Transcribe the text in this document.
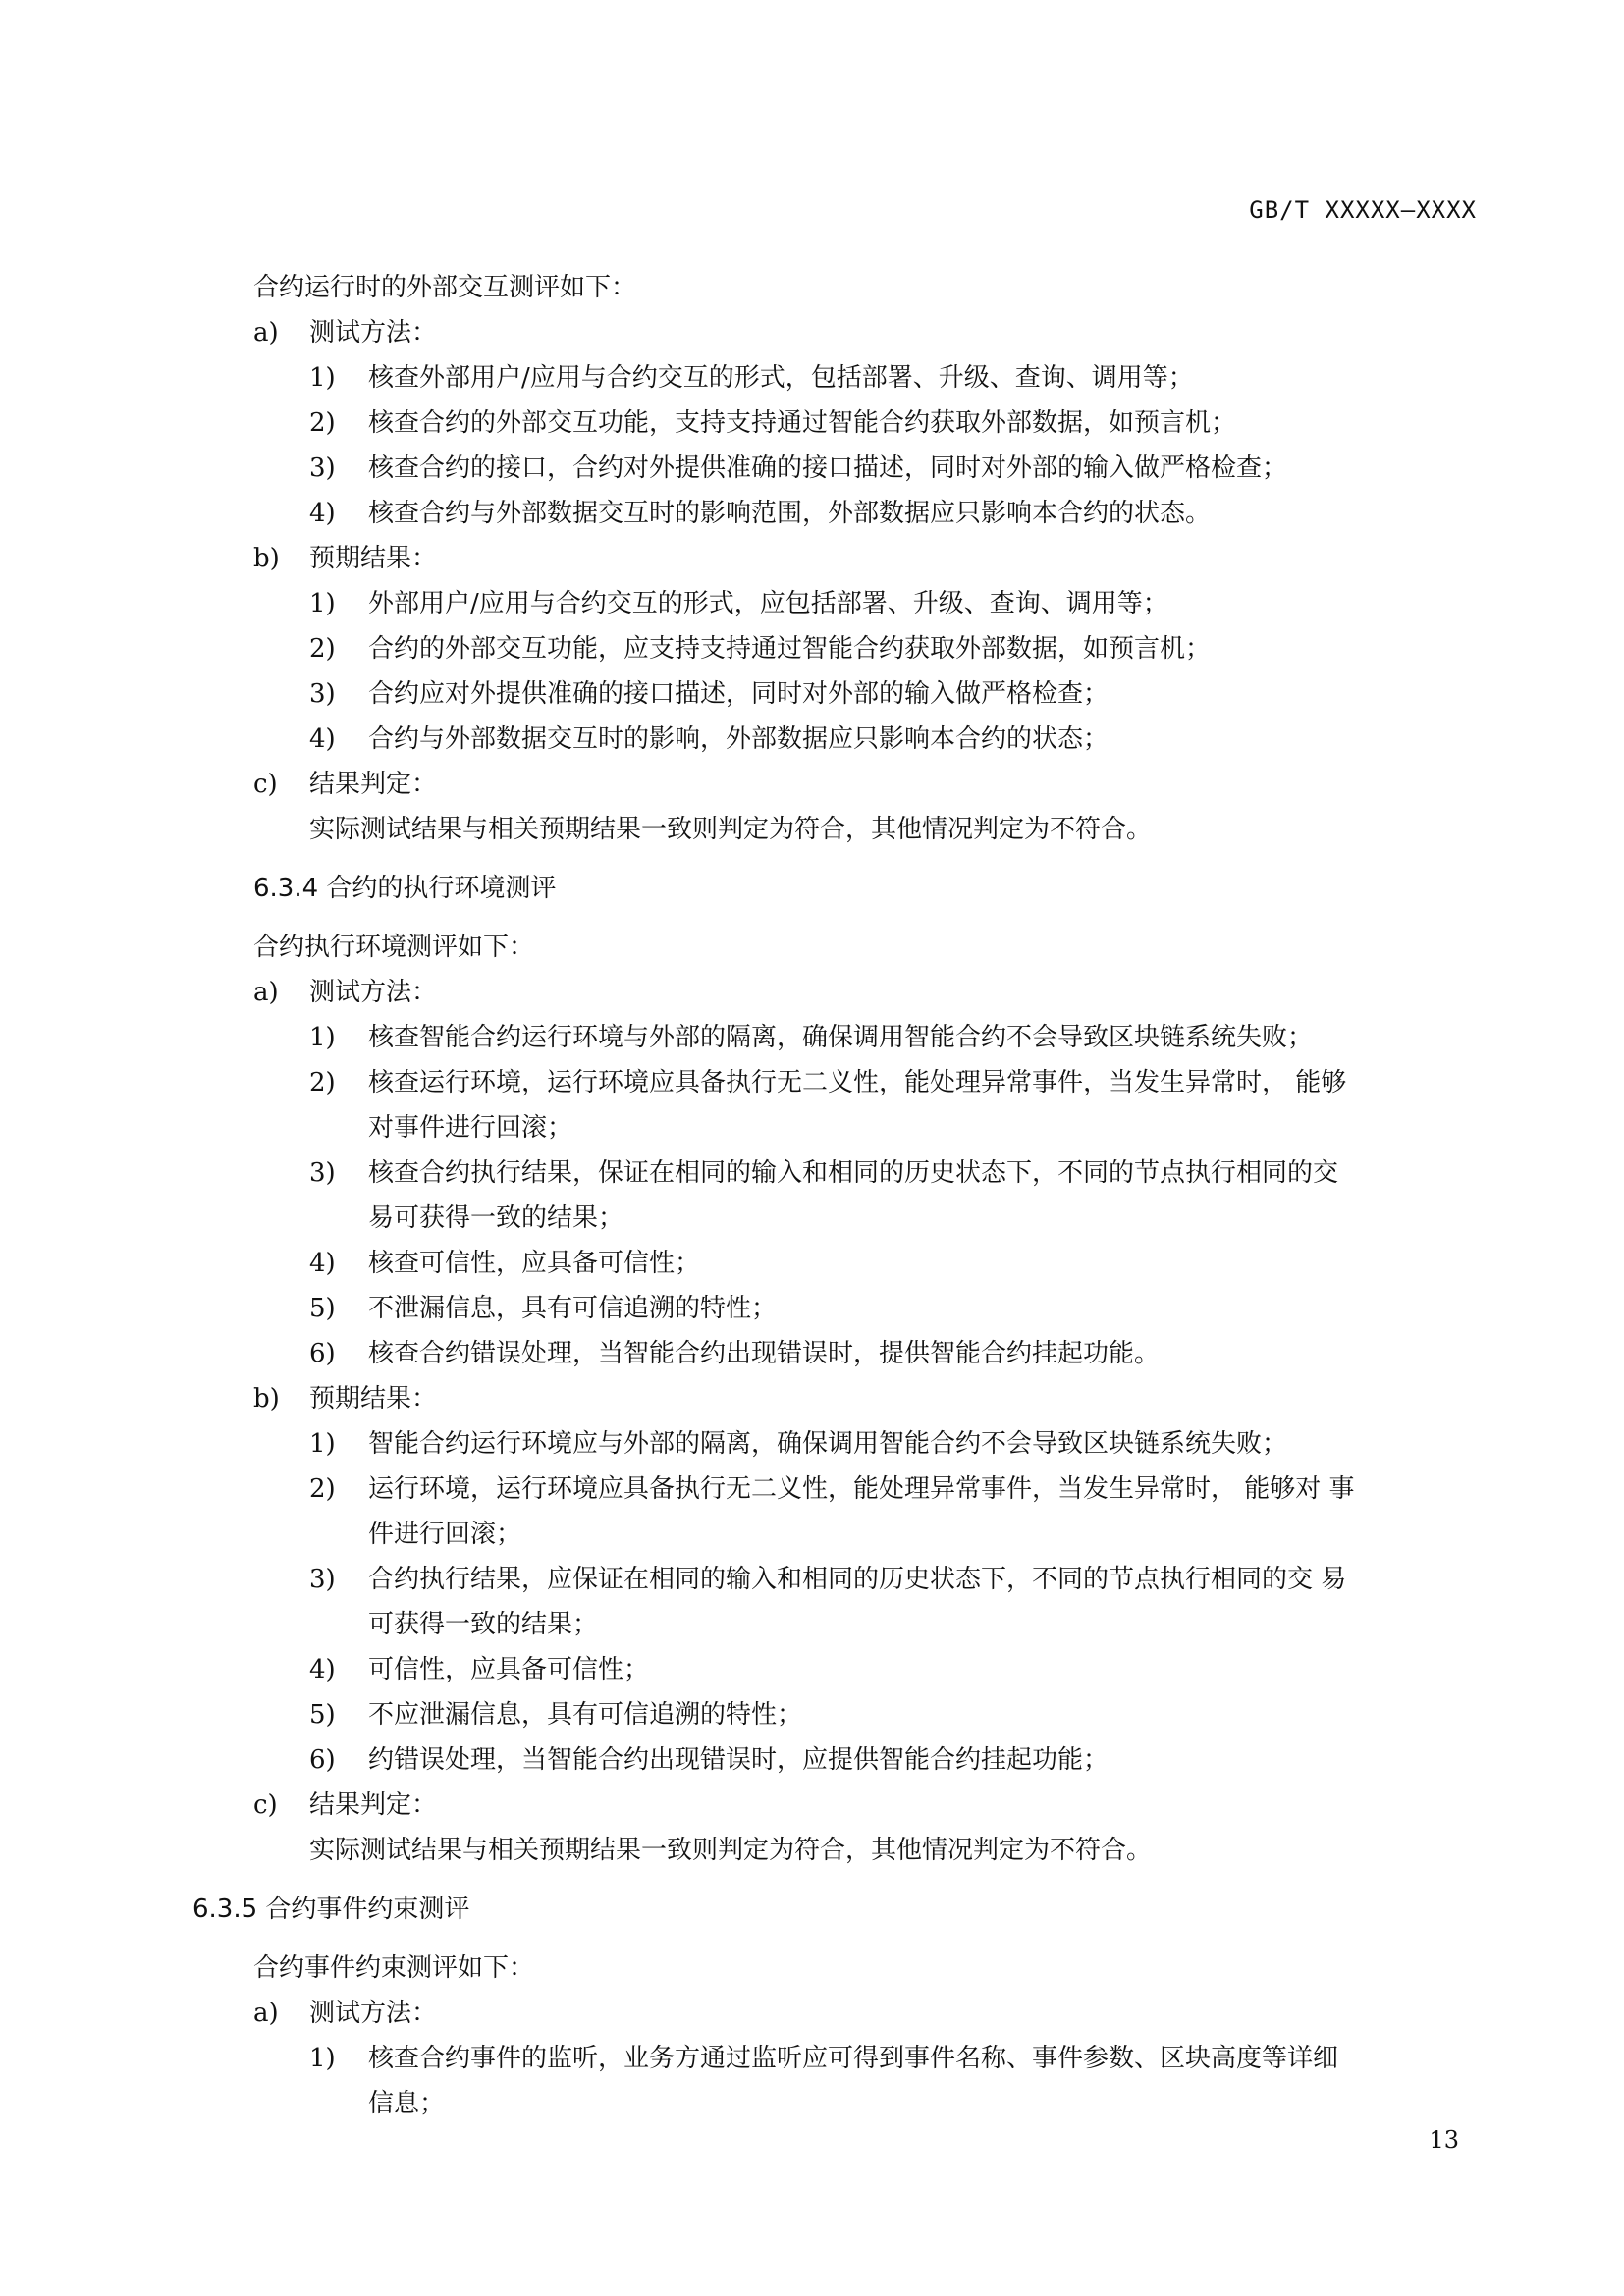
GB/T XXXXX—XXXX
合约运行时的外部交互测评如下：
a) 测试方法：
1) 核查外部用户/应用与合约交互的形式，包括部署、升级、查询、调用等；
2) 核查合约的外部交互功能，支持支持通过智能合约获取外部数据，如预言机；
3) 核查合约的接口，合约对外提供准确的接口描述，同时对外部的输入做严格检查；
4) 核查合约与外部数据交互时的影响范围，外部数据应只影响本合约的状态。
b) 预期结果：
1) 外部用户/应用与合约交互的形式，应包括部署、升级、查询、调用等；
2) 合约的外部交互功能，应支持支持通过智能合约获取外部数据，如预言机；
3) 合约应对外提供准确的接口描述，同时对外部的输入做严格检查；
4) 合约与外部数据交互时的影响，外部数据应只影响本合约的状态；
c) 结果判定：
实际测试结果与相关预期结果一致则判定为符合，其他情况判定为不符合。
6.3.4 合约的执行环境测评
合约执行环境测评如下：
a) 测试方法：
1) 核查智能合约运行环境与外部的隔离，确保调用智能合约不会导致区块链系统失败；
2) 核查运行环境，运行环境应具备执行无二义性，能处理异常事件，当发生异常时， 能够
对事件进行回滚；
3) 核查合约执行结果，保证在相同的输入和相同的历史状态下，不同的节点执行相同的交
易可获得一致的结果；
4) 核查可信性，应具备可信性；
5) 不泄漏信息，具有可信追溯的特性；
6) 核查合约错误处理，当智能合约出现错误时，提供智能合约挂起功能。
b) 预期结果：
1) 智能合约运行环境应与外部的隔离，确保调用智能合约不会导致区块链系统失败；
2) 运行环境，运行环境应具备执行无二义性，能处理异常事件，当发生异常时， 能够对 事
件进行回滚；
3) 合约执行结果，应保证在相同的输入和相同的历史状态下，不同的节点执行相同的交 易
可获得一致的结果；
4) 可信性，应具备可信性；
5) 不应泄漏信息，具有可信追溯的特性；
6) 约错误处理，当智能合约出现错误时，应提供智能合约挂起功能；
c) 结果判定：
实际测试结果与相关预期结果一致则判定为符合，其他情况判定为不符合。
6.3.5 合约事件约束测评
合约事件约束测评如下：
a) 测试方法：
1) 核查合约事件的监听，业务方通过监听应可得到事件名称、事件参数、区块高度等详细
信息；
13
